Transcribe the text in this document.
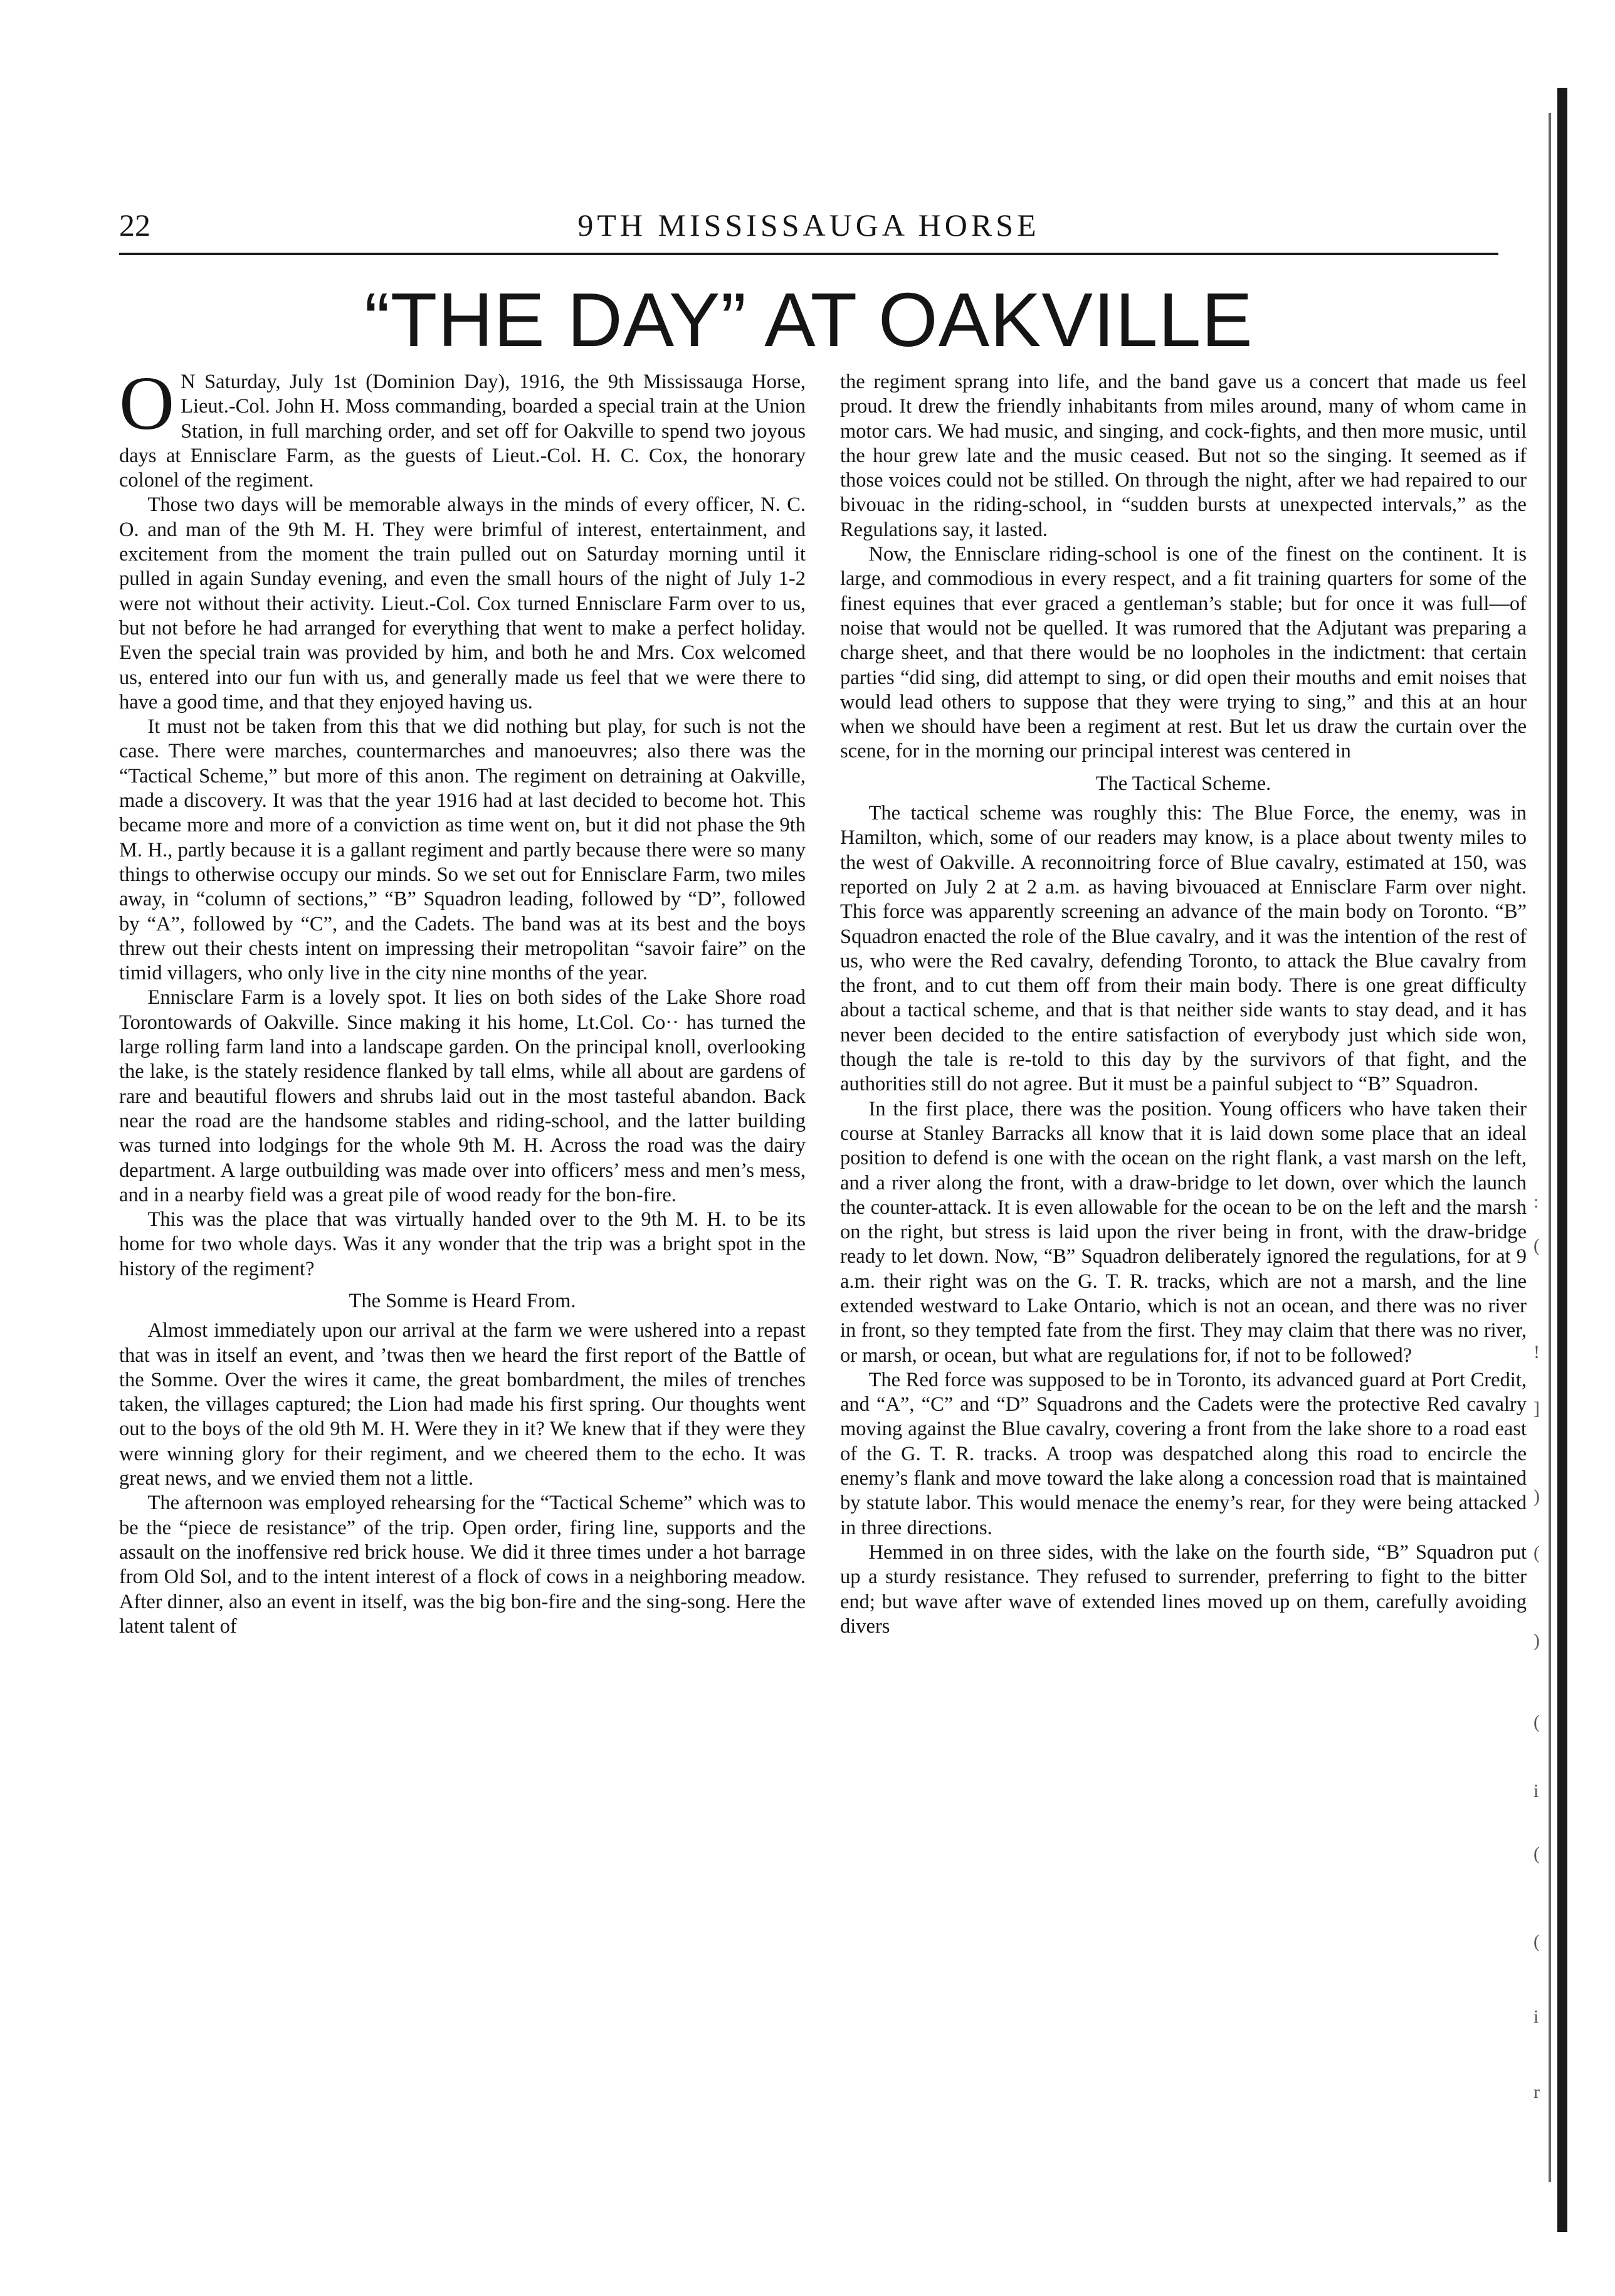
:
(
!
]
)
(
)
(
i
(
(
i
r
22	9TH MISSISSAUGA HORSE
“THE DAY” AT OAKVILLE

O N Saturday, July 1st (Dominion Day), 1916, the 9th Mississauga Horse, Lieut.-Col. John H. Moss commanding, boarded a special train at the Union Station, in full marching order, and set off for Oakville to spend two joyous days at Ennisclare Farm, as the guests of Lieut.-Col. H. C. Cox, the honorary colonel of the regiment.

Those two days will be memorable always in the minds of every officer, N. C. O. and man of the 9th M. H. They were brimful of interest, entertainment, and excitement from the moment the train pulled out on Saturday morning until it pulled in again Sunday evening, and even the small hours of the night of July 1-2 were not without their activity. Lieut.-Col. Cox turned Ennisclare Farm over to us, but not before he had arranged for everything that went to make a perfect holiday. Even the special train was provided by him, and both he and Mrs. Cox welcomed us, entered into our fun with us, and generally made us feel that we were there to have a good time, and that they enjoyed having us.

It must not be taken from this that we did nothing but play, for such is not the case. There were marches, countermarches and manoeuvres; also there was the “Tactical Scheme,” but more of this anon. The regiment on detraining at Oakville, made a discovery. It was that the year 1916 had at last decided to become hot. This became more and more of a conviction as time went on, but it did not phase the 9th M. H., partly because it is a gallant regiment and partly because there were so many things to otherwise occupy our minds. So we set out for Ennisclare Farm, two miles away, in “column of sections,” “B” Squadron leading, followed by “D”, followed by “A”, followed by “C”, and the Cadets. The band was at its best and the boys threw out their chests intent on impressing their metropolitan “savoir faire” on the timid villagers, who only live in the city nine months of the year.

Ennisclare Farm is a lovely spot. It lies on both sides of the Lake Shore road Torontowards of Oakville. Since making it his home, Lt.Col. Co·· has turned the large rolling farm land into a landscape garden. On the principal knoll, overlooking the lake, is the stately residence flanked by tall elms, while all about are gardens of rare and beautiful flowers and shrubs laid out in the most tasteful abandon. Back near the road are the handsome stables and riding-school, and the latter building was turned into lodgings for the whole 9th M. H. Across the road was the dairy department. A large outbuilding was made over into officers’ mess and men’s mess, and in a nearby field was a great pile of wood ready for the bon-fire.

This was the place that was virtually handed over to the 9th M. H. to be its home for two whole days. Was it any wonder that the trip was a bright spot in the history of the regiment?

The Somme is Heard From.

Almost immediately upon our arrival at the farm we were ushered into a repast that was in itself an event, and ’twas then we heard the first report of the Battle of the Somme. Over the wires it came, the great bombardment, the miles of trenches taken, the villages captured; the Lion had made his first spring. Our thoughts went out to the boys of the old 9th M. H. Were they in it? We knew that if they were they were winning glory for their regiment, and we cheered them to the echo. It was great news, and we envied them not a little.

The afternoon was employed rehearsing for the “Tactical Scheme” which was to be the “piece de resistance” of the trip. Open order, firing line, supports and the assault on the inoffensive red brick house. We did it three times under a hot barrage from Old Sol, and to the intent interest of a flock of cows in a neighboring meadow. After dinner, also an event in itself, was the big bon-fire and the sing-song. Here the latent talent of

the regiment sprang into life, and the band gave us a concert that made us feel proud. It drew the friendly inhabitants from miles around, many of whom came in motor cars. We had music, and singing, and cock-fights, and then more music, until the hour grew late and the music ceased. But not so the singing. It seemed as if those voices could not be stilled. On through the night, after we had repaired to our bivouac in the riding-school, in “sudden bursts at unexpected intervals,” as the Regulations say, it lasted.

Now, the Ennisclare riding-school is one of the finest on the continent. It is large, and commodious in every respect, and a fit training quarters for some of the finest equines that ever graced a gentleman’s stable; but for once it was full—of noise that would not be quelled. It was rumored that the Adjutant was preparing a charge sheet, and that there would be no loopholes in the indictment: that certain parties “did sing, did attempt to sing, or did open their mouths and emit noises that would lead others to suppose that they were trying to sing,” and this at an hour when we should have been a regiment at rest. But let us draw the curtain over the scene, for in the morning our principal interest was centered in

The Tactical Scheme.

The tactical scheme was roughly this: The Blue Force, the enemy, was in Hamilton, which, some of our readers may know, is a place about twenty miles to the west of Oakville. A reconnoitring force of Blue cavalry, estimated at 150, was reported on July 2 at 2 a.m. as having bivouaced at Ennisclare Farm over night. This force was apparently screening an advance of the main body on Toronto. “B” Squadron enacted the role of the Blue cavalry, and it was the intention of the rest of us, who were the Red cavalry, defending Toronto, to attack the Blue cavalry from the front, and to cut them off from their main body. There is one great difficulty about a tactical scheme, and that is that neither side wants to stay dead, and it has never been decided to the entire satisfaction of everybody just which side won, though the tale is re-told to this day by the survivors of that fight, and the authorities still do not agree. But it must be a painful subject to “B” Squadron.

In the first place, there was the position. Young officers who have taken their course at Stanley Barracks all know that it is laid down some place that an ideal position to defend is one with the ocean on the right flank, a vast marsh on the left, and a river along the front, with a draw-bridge to let down, over which the launch the counter-attack. It is even allowable for the ocean to be on the left and the marsh on the right, but stress is laid upon the river being in front, with the draw-bridge ready to let down. Now, “B” Squadron deliberately ignored the regulations, for at 9 a.m. their right was on the G. T. R. tracks, which are not a marsh, and the line extended westward to Lake Ontario, which is not an ocean, and there was no river in front, so they tempted fate from the first. They may claim that there was no river, or marsh, or ocean, but what are regulations for, if not to be followed?

The Red force was supposed to be in Toronto, its advanced guard at Port Credit, and “A”, “C” and “D” Squadrons and the Cadets were the protective Red cavalry moving against the Blue cavalry, covering a front from the lake shore to a road east of the G. T. R. tracks. A troop was despatched along this road to encircle the enemy’s flank and move toward the lake along a concession road that is maintained by statute labor. This would menace the enemy’s rear, for they were being attacked in three directions.

Hemmed in on three sides, with the lake on the fourth side, “B” Squadron put up a sturdy resistance. They refused to surrender, preferring to fight to the bitter end; but wave after wave of extended lines moved up on them, carefully avoiding divers
